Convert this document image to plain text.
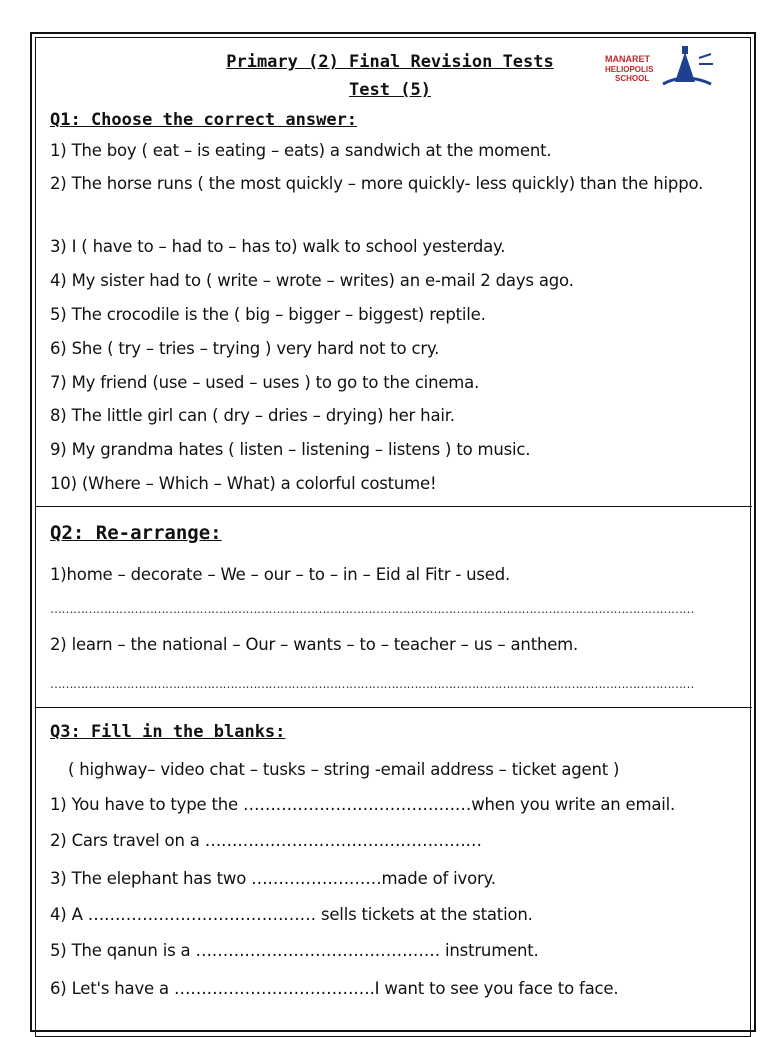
Primary (2) Final Revision Tests
Test (5)
MANARET
HELIOPOLIS
SCHOOL
Q1: Choose the correct answer:
1) The boy ( eat – is eating – eats) a sandwich at the moment.
2) The horse runs ( the most quickly – more quickly- less quickly) than the hippo.
3) I ( have to – had to – has to) walk to school yesterday.
4) My sister had to ( write – wrote – writes) an e-mail 2 days ago.
5) The crocodile is the ( big – bigger – biggest) reptile.
6) She ( try – tries – trying ) very hard not to cry.
7) My friend (use – used – uses ) to go to the cinema.
8) The little girl can ( dry – dries – drying) her hair.
9) My grandma hates ( listen – listening – listens ) to music.
10) (Where – Which – What) a colorful costume!
Q2: Re-arrange:
1)home – decorate – We – our – to – in – Eid al Fitr - used.
……………………………………………………………………………………………………………………………………………………
2) learn – the national – Our – wants – to – teacher – us – anthem.
……………………………………………………………………………………………………………………………………………………
Q3: Fill in the blanks:
( highway– video chat – tusks – string -email address – ticket agent )
1) You have to type the ……………………………………when you write an email.
2) Cars travel on a ……………………………………………
3) The elephant has two ……………………made of ivory.
4) A …………………………………… sells tickets at the station.
5) The qanun is a ……………………………………… instrument.
6) Let's have a ……………………………….I want to see you face to face.
